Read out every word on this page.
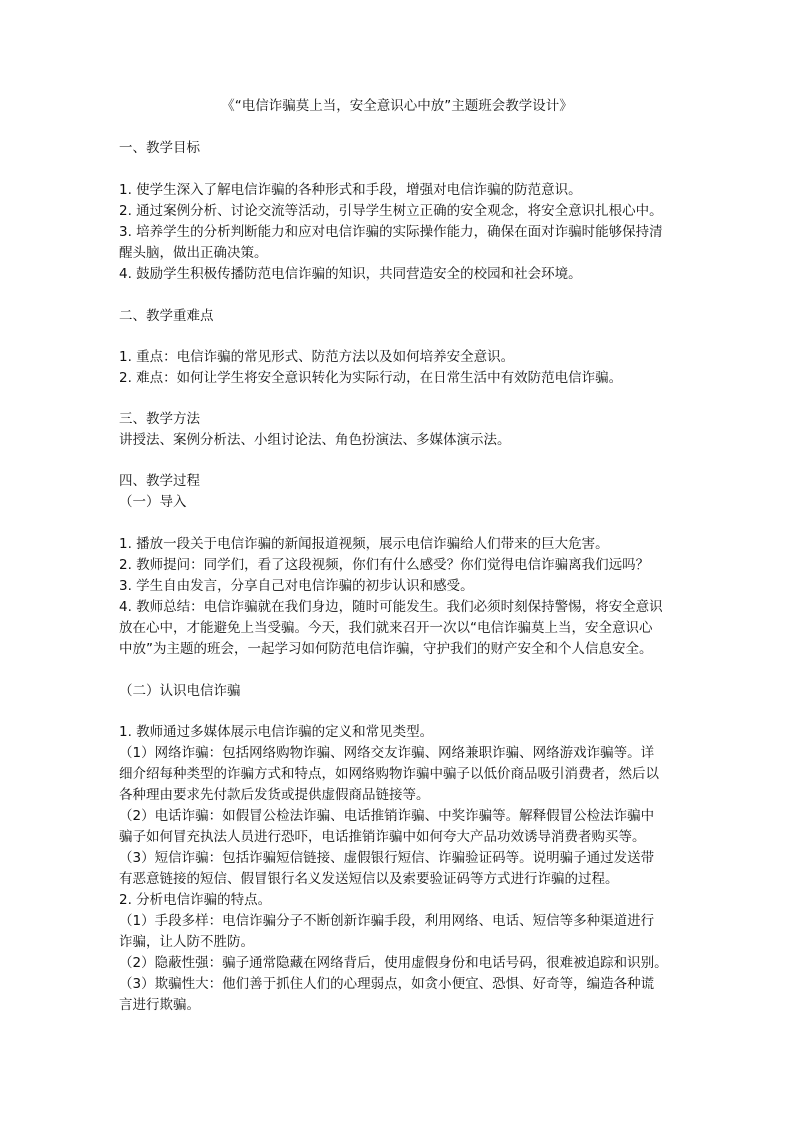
《“电信诈骗莫上当，安全意识心中放”主题班会教学设计》
一、教学目标
1. 使学生深入了解电信诈骗的各种形式和手段，增强对电信诈骗的防范意识。
2. 通过案例分析、讨论交流等活动，引导学生树立正确的安全观念，将安全意识扎根心中。
3. 培养学生的分析判断能力和应对电信诈骗的实际操作能力，确保在面对诈骗时能够保持清
醒头脑，做出正确决策。
4. 鼓励学生积极传播防范电信诈骗的知识，共同营造安全的校园和社会环境。
二、教学重难点
1. 重点：电信诈骗的常见形式、防范方法以及如何培养安全意识。
2. 难点：如何让学生将安全意识转化为实际行动，在日常生活中有效防范电信诈骗。
三、教学方法
讲授法、案例分析法、小组讨论法、角色扮演法、多媒体演示法。
四、教学过程
（一）导入
1. 播放一段关于电信诈骗的新闻报道视频，展示电信诈骗给人们带来的巨大危害。
2. 教师提问：同学们，看了这段视频，你们有什么感受？你们觉得电信诈骗离我们远吗？
3. 学生自由发言，分享自己对电信诈骗的初步认识和感受。
4. 教师总结：电信诈骗就在我们身边，随时可能发生。我们必须时刻保持警惕，将安全意识
放在心中，才能避免上当受骗。今天，我们就来召开一次以“电信诈骗莫上当，安全意识心
中放”为主题的班会，一起学习如何防范电信诈骗，守护我们的财产安全和个人信息安全。
（二）认识电信诈骗
1. 教师通过多媒体展示电信诈骗的定义和常见类型。
（1）网络诈骗：包括网络购物诈骗、网络交友诈骗、网络兼职诈骗、网络游戏诈骗等。详
细介绍每种类型的诈骗方式和特点，如网络购物诈骗中骗子以低价商品吸引消费者，然后以
各种理由要求先付款后发货或提供虚假商品链接等。
（2）电话诈骗：如假冒公检法诈骗、电话推销诈骗、中奖诈骗等。解释假冒公检法诈骗中
骗子如何冒充执法人员进行恐吓，电话推销诈骗中如何夸大产品功效诱导消费者购买等。
（3）短信诈骗：包括诈骗短信链接、虚假银行短信、诈骗验证码等。说明骗子通过发送带
有恶意链接的短信、假冒银行名义发送短信以及索要验证码等方式进行诈骗的过程。
2. 分析电信诈骗的特点。
（1）手段多样：电信诈骗分子不断创新诈骗手段，利用网络、电话、短信等多种渠道进行
诈骗，让人防不胜防。
（2）隐蔽性强：骗子通常隐藏在网络背后，使用虚假身份和电话号码，很难被追踪和识别。
（3）欺骗性大：他们善于抓住人们的心理弱点，如贪小便宜、恐惧、好奇等，编造各种谎
言进行欺骗。
